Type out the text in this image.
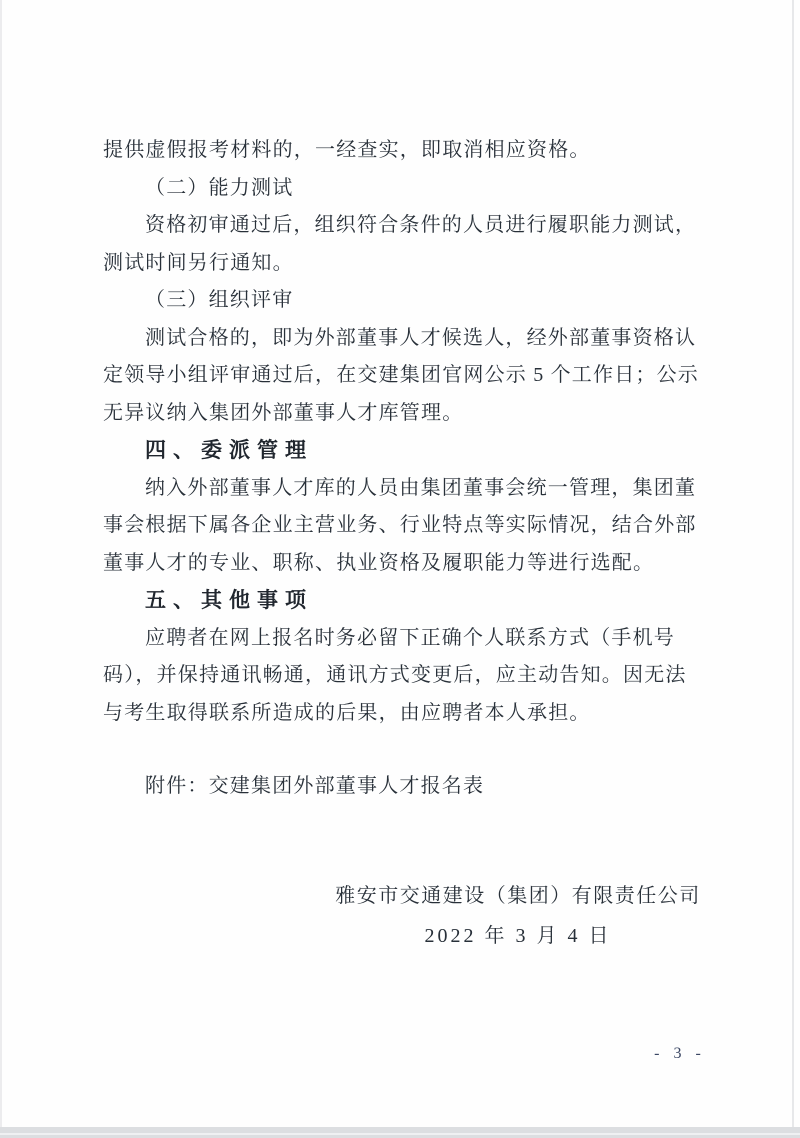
提供虚假报考材料的，一经查实，即取消相应资格。
（二）能力测试
资格初审通过后，组织符合条件的人员进行履职能力测试，
测试时间另行通知。
（三）组织评审
测试合格的，即为外部董事人才候选人，经外部董事资格认
定领导小组评审通过后，在交建集团官网公示 5 个工作日；公示
无异议纳入集团外部董事人才库管理。
四、委派管理
纳入外部董事人才库的人员由集团董事会统一管理，集团董
事会根据下属各企业主营业务、行业特点等实际情况，结合外部
董事人才的专业、职称、执业资格及履职能力等进行选配。
五、其他事项
应聘者在网上报名时务必留下正确个人联系方式（手机号
码），并保持通讯畅通，通讯方式变更后，应主动告知。因无法
与考生取得联系所造成的后果，由应聘者本人承担。
附件：交建集团外部董事人才报名表
雅安市交通建设（集团）有限责任公司
2022 年 3 月 4 日
- 3 -
